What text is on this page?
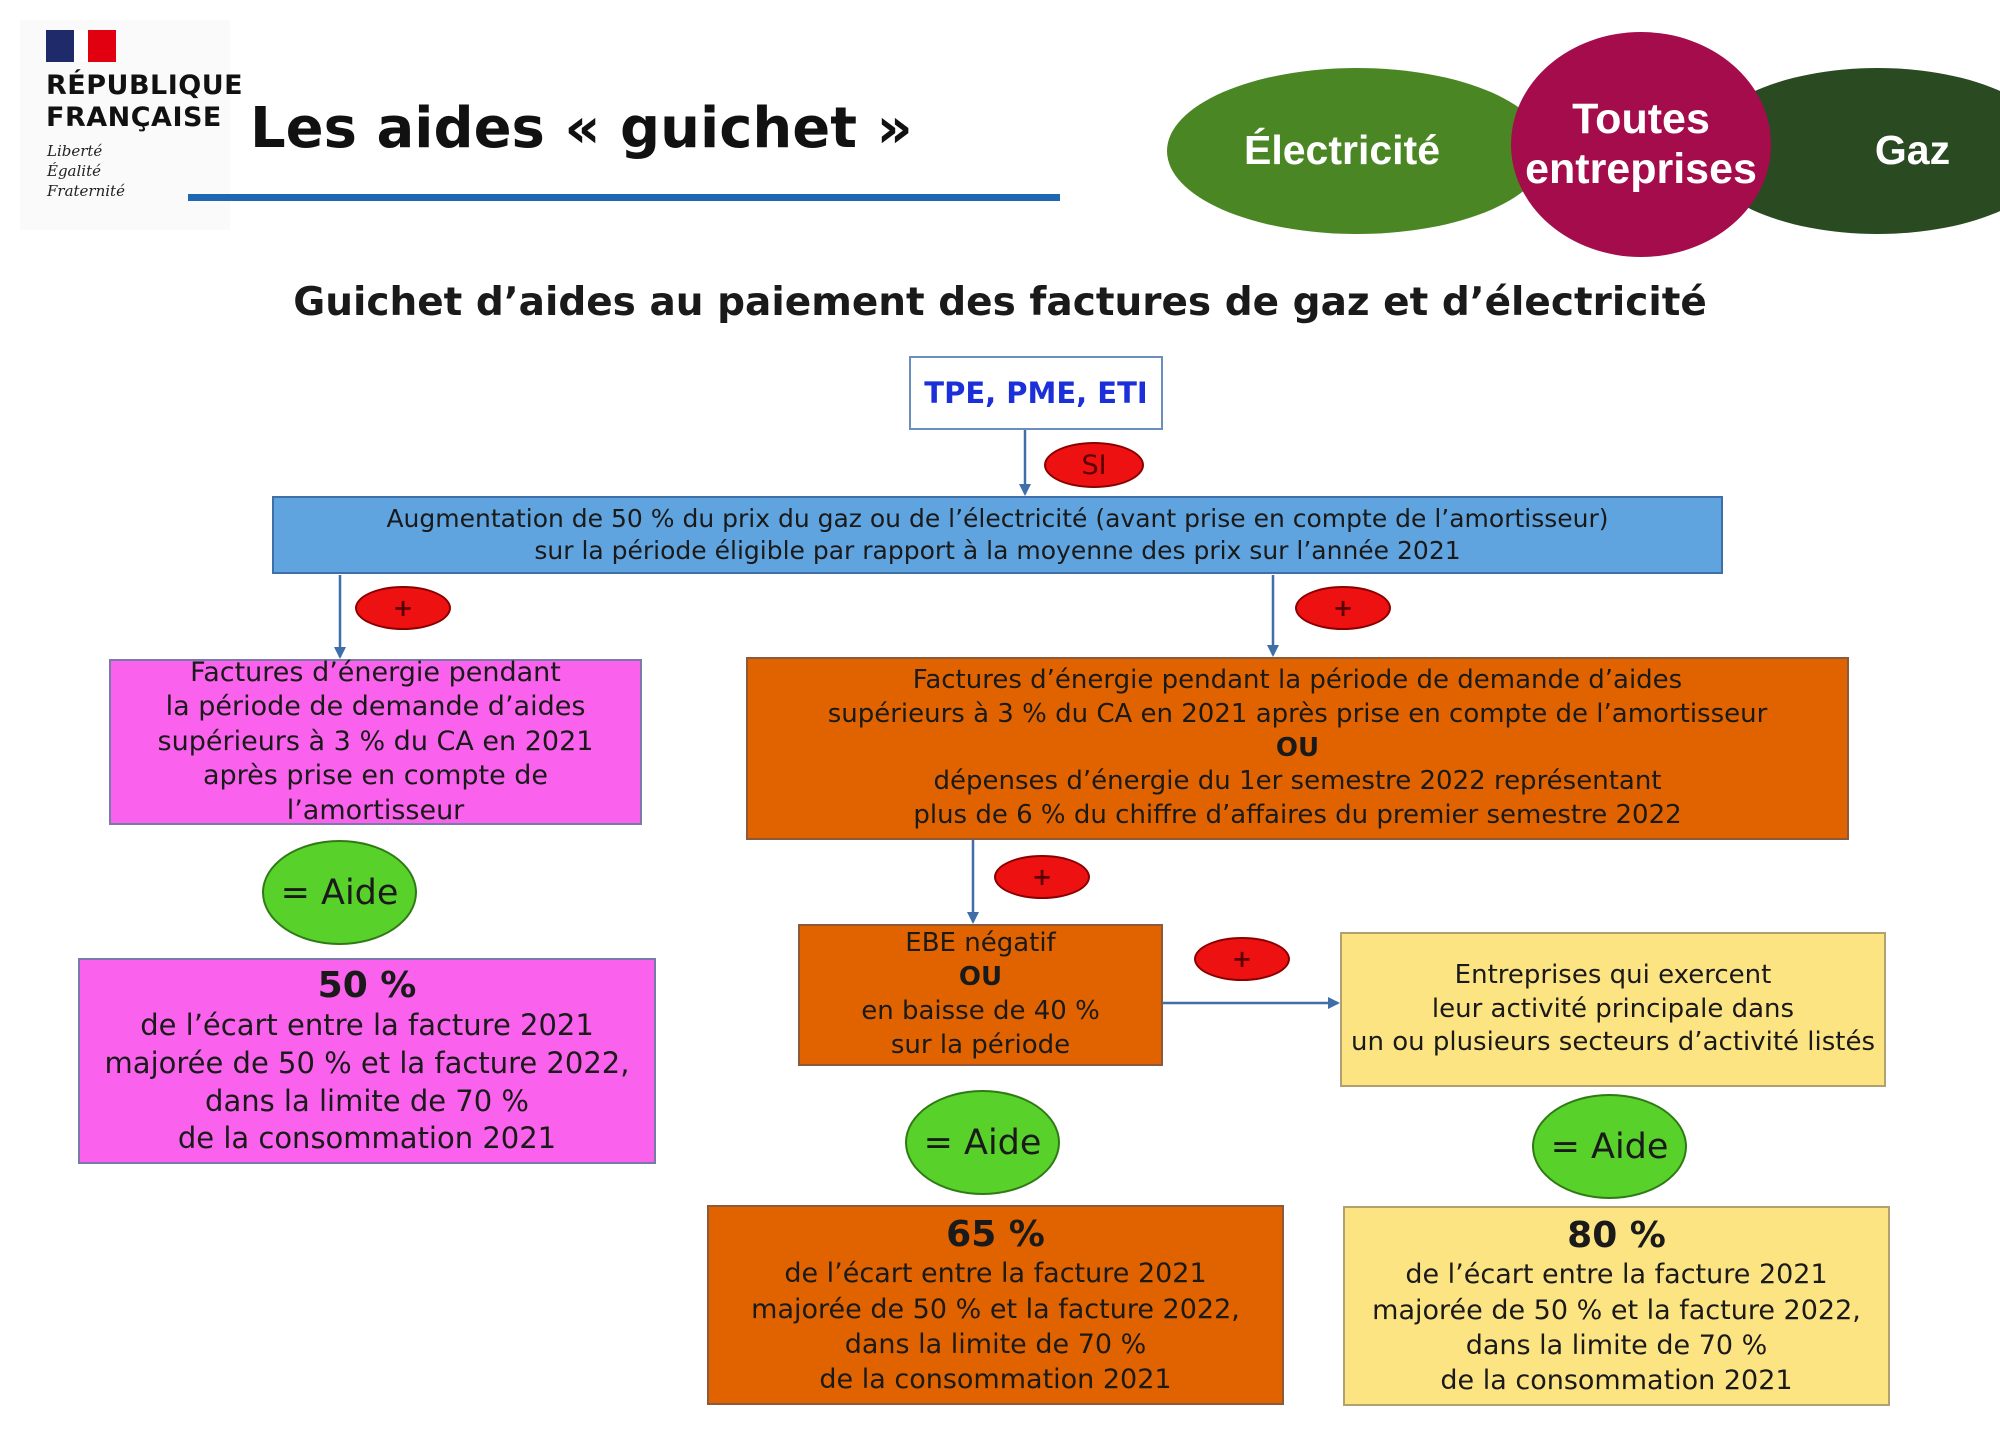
RÉPUBLIQUE
FRANÇAISE
Liberté
Égalité
Fraternité
Les aides « guichet »	Gaz
Électricité
Toutes
entreprises
Guichet d’aides au paiement des factures de gaz et d’électricité
TPE, PME, ETI
SI
Augmentation de 50 % du prix du gaz ou de l’électricité (avant prise en compte de l’amortisseur)
sur la période éligible par rapport à la moyenne des prix sur l’année 2021
+	+
Factures d’énergie pendant
la période de demande d’aides
supérieurs à 3 % du CA en 2021
après prise en compte de l’amortisseur
Factures d’énergie pendant la période de demande d’aides
supérieurs à 3 % du CA en 2021 après prise en compte de l’amortisseur
OU
dépenses d’énergie du 1er semestre 2022 représentant
plus de 6 % du chiffre d’affaires du premier semestre 2022
= Aide	+
EBE négatif
OU
en baisse de 40 %
sur la période
+
Entreprises qui exercent
leur activité principale dans
un ou plusieurs secteurs d’activité listés
50 %
de l’écart entre la facture 2021
majorée de 50 % et la facture 2022,
dans la limite de 70 %
de la consommation 2021	= Aide	= Aide
65 %
de l’écart entre la facture 2021
majorée de 50 % et la facture 2022,
dans la limite de 70 %
de la consommation 2021
80 %
de l’écart entre la facture 2021
majorée de 50 % et la facture 2022,
dans la limite de 70 %
de la consommation 2021
